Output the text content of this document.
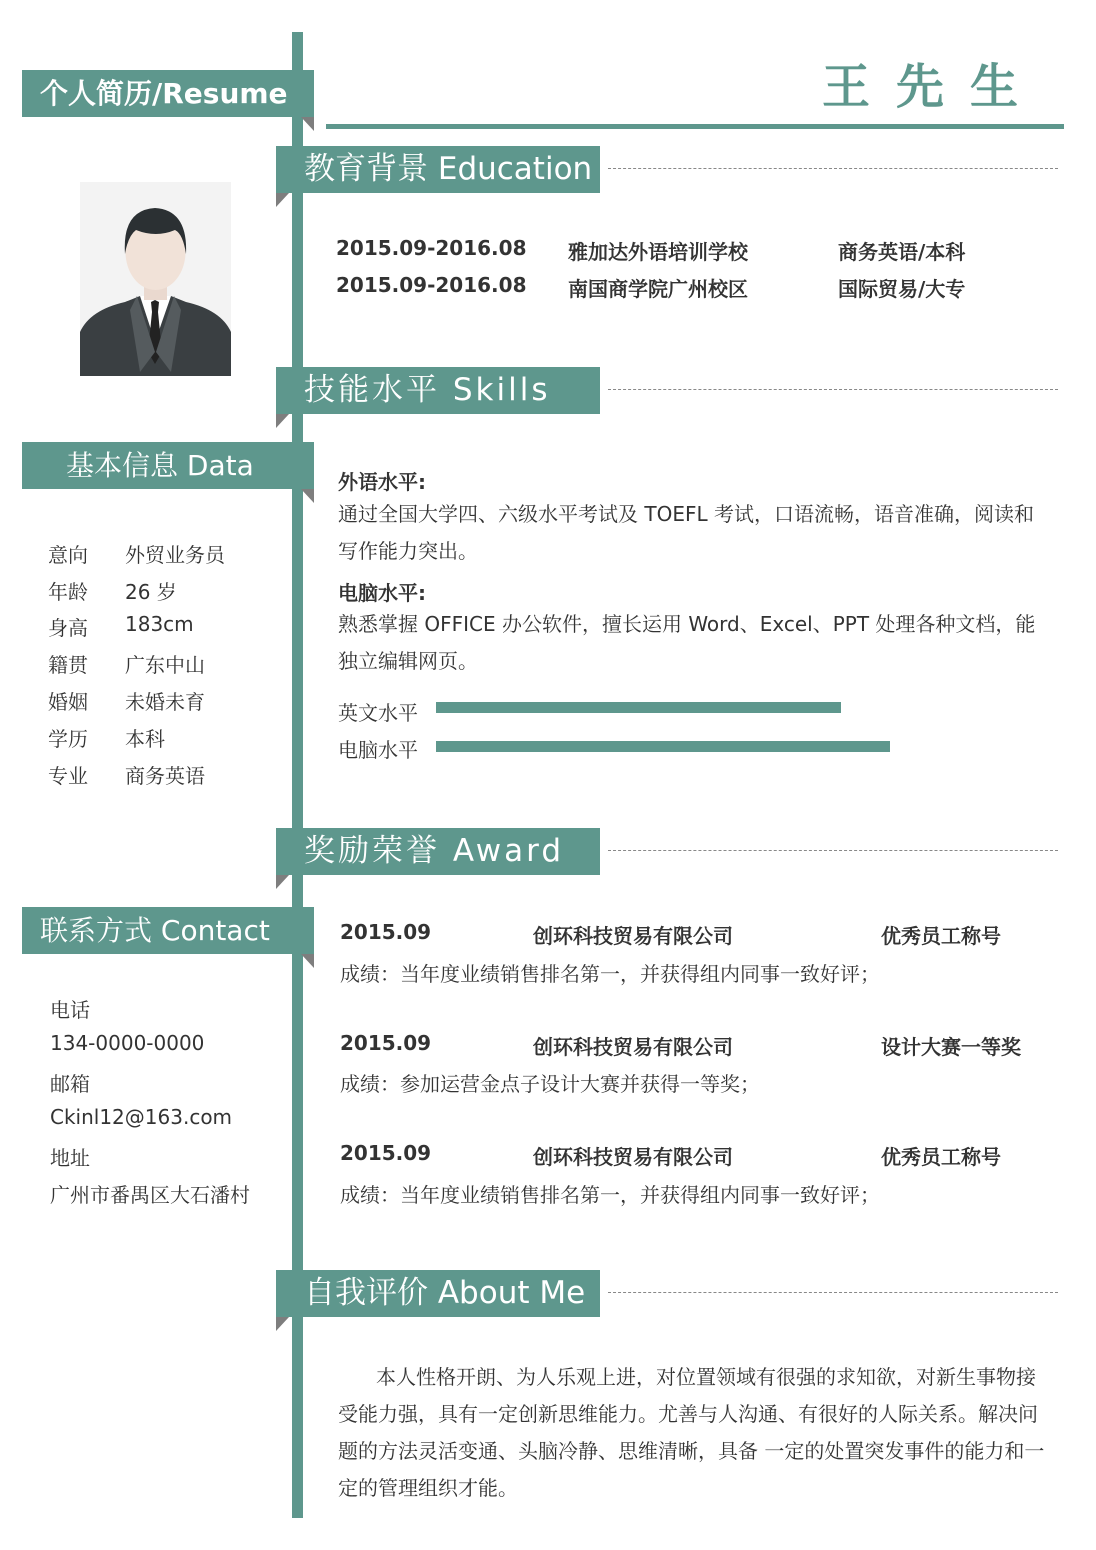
个人简历/Resume	王先生
基本信息 Data
意向 外贸业务员
年龄 26 岁
身高 183cm
籍贯 广东中山
婚姻 未婚未育
学历 本科
专业 商务英语
联系方式 Contact
电话
134-0000-0000
邮箱
Ckinl12@163.com
地址
广州市番禺区大石潘村
教育背景 Education
2015.09-2016.08 雅加达外语培训学校	商务英语/本科
2015.09-2016.08 南国商学院广州校区	国际贸易/大专
技能水平 Skills
外语水平:
通过全国大学四、六级水平考试及 TOEFL 考试，口语流畅，语音准确，阅读和写作能力突出。
电脑水平:
熟悉掌握 OFFICE 办公软件，擅长运用 Word、Excel、PPT 处理各种文档，能独立编辑网页。
英文水平
电脑水平
奖励荣誉 Award
2015.09	创环科技贸易有限公司	优秀员工称号
成绩：当年度业绩销售排名第一，并获得组内同事一致好评；
2015.09	创环科技贸易有限公司	设计大赛一等奖
成绩：参加运营金点子设计大赛并获得一等奖；
2015.09	创环科技贸易有限公司	优秀员工称号
成绩：当年度业绩销售排名第一，并获得组内同事一致好评；
自我评价 About Me
本人性格开朗、为人乐观上进，对位置领域有很强的求知欲，对新生事物接受能力强，具有一定创新思维能力。尤善与人沟通、有很好的人际关系。解决问题的方法灵活变通、头脑冷静、思维清晰，具备 一定的处置突发事件的能力和一定的管理组织才能。
